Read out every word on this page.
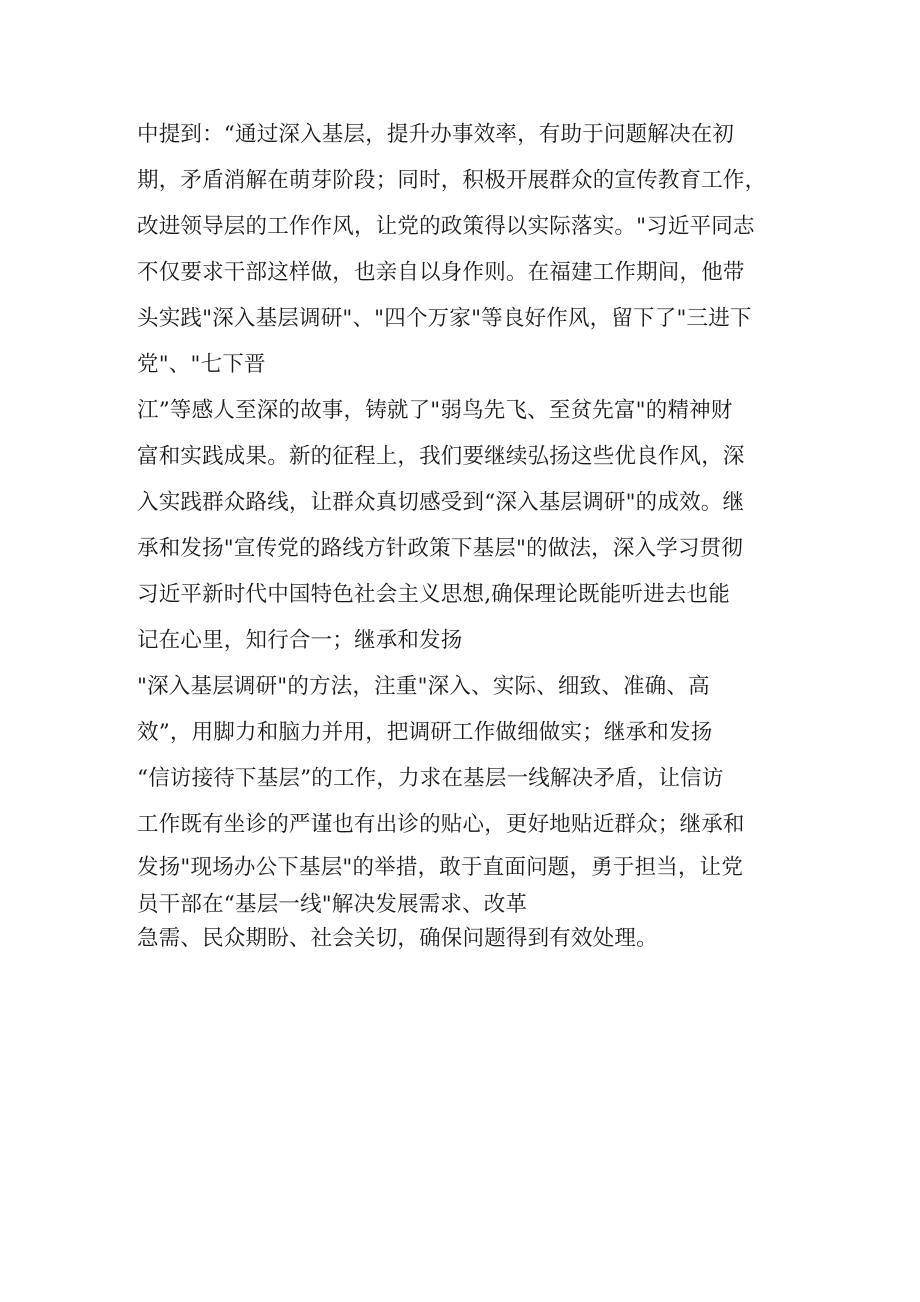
中提到：“通过深入基层，提升办事效率，有助于问题解决在初
期，矛盾消解在萌芽阶段；同时，积极开展群众的宣传教育工作，
改进领导层的工作作风，让党的政策得以实际落实。"习近平同志
不仅要求干部这样做，也亲自以身作则。在福建工作期间，他带
头实践"深入基层调研"、"四个万家"等良好作风，留下了"三进下
党"、"七下晋
江”等感人至深的故事，铸就了"弱鸟先飞、至贫先富"的精神财
富和实践成果。新的征程上，我们要继续弘扬这些优良作风，深
入实践群众路线，让群众真切感受到“深入基层调研"的成效。继
承和发扬"宣传党的路线方针政策下基层"的做法，深入学习贯彻
习近平新时代中国特色社会主义思想,确保理论既能听进去也能
记在心里，知行合一；继承和发扬
"深入基层调研"的方法，注重"深入、实际、细致、准确、高
效”，用脚力和脑力并用，把调研工作做细做实；继承和发扬
“信访接待下基层”的工作，力求在基层一线解决矛盾，让信访
工作既有坐诊的严谨也有出诊的贴心，更好地贴近群众；继承和
发扬"现场办公下基层"的举措，敢于直面问题，勇于担当，让党
员干部在“基层一线"解决发展需求、改革
急需、民众期盼、社会关切，确保问题得到有效处理。
